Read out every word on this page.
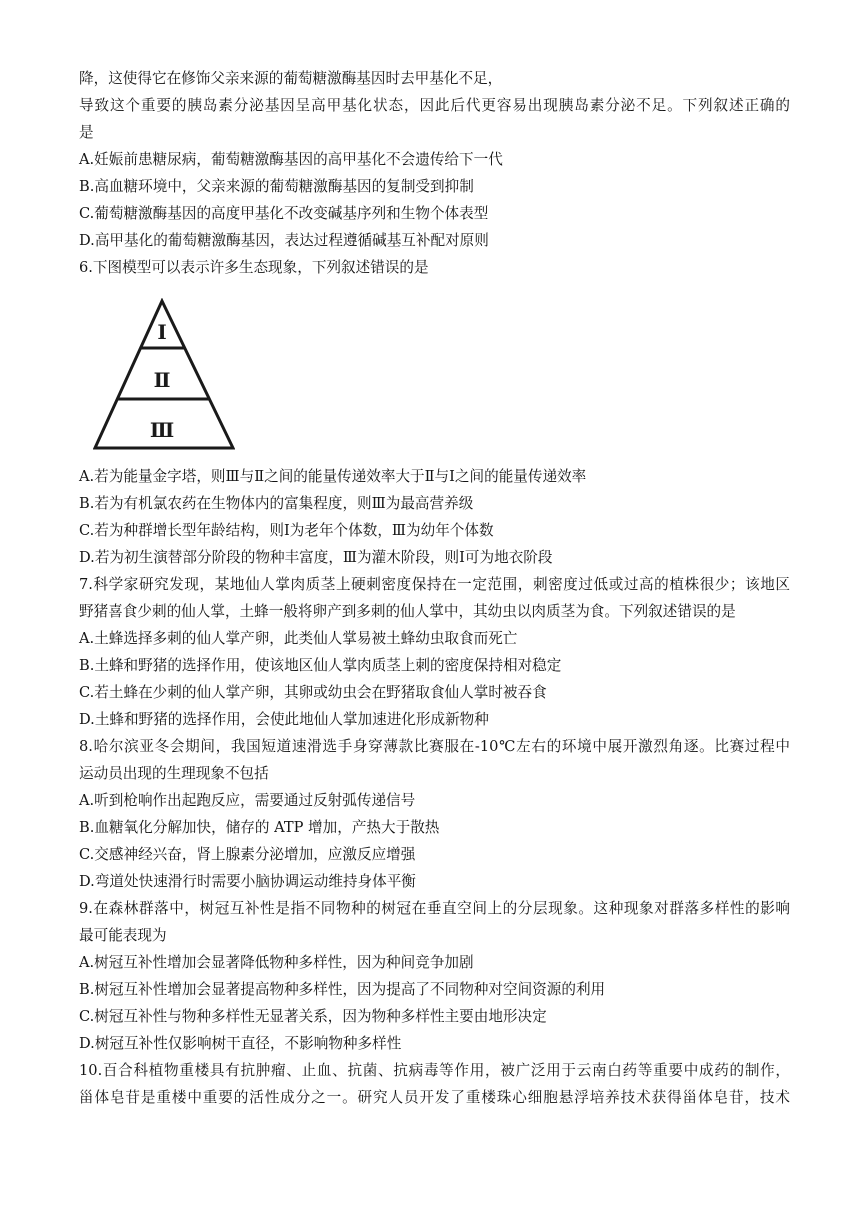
降，这使得它在修饰父亲来源的葡萄糖激酶基因时去甲基化不足，
导致这个重要的胰岛素分泌基因呈高甲基化状态，因此后代更容易出现胰岛素分泌不足。下列叙述正确的
是
A.妊娠前患糖尿病，葡萄糖激酶基因的高甲基化不会遗传给下一代
B.高血糖环境中，父亲来源的葡萄糖激酶基因的复制受到抑制
C.葡萄糖激酶基因的高度甲基化不改变碱基序列和生物个体表型
D.高甲基化的葡萄糖激酶基因，表达过程遵循碱基互补配对原则
6.下图模型可以表示许多生态现象，下列叙述错误的是
Ⅰ
Ⅱ
Ⅲ
A.若为能量金字塔，则Ⅲ与Ⅱ之间的能量传递效率大于Ⅱ与Ⅰ之间的能量传递效率
B.若为有机氯农药在生物体内的富集程度，则Ⅲ为最高营养级
C.若为种群增长型年龄结构，则Ⅰ为老年个体数，Ⅲ为幼年个体数
D.若为初生演替部分阶段的物种丰富度，Ⅲ为灌木阶段，则Ⅰ可为地衣阶段
7.科学家研究发现，某地仙人掌肉质茎上硬刺密度保持在一定范围，刺密度过低或过高的植株很少；该地区
野猪喜食少刺的仙人掌，土蜂一般将卵产到多刺的仙人掌中，其幼虫以肉质茎为食。下列叙述错误的是
A.土蜂选择多刺的仙人掌产卵，此类仙人掌易被土蜂幼虫取食而死亡
B.土蜂和野猪的选择作用，使该地区仙人掌肉质茎上刺的密度保持相对稳定
C.若土蜂在少刺的仙人掌产卵，其卵或幼虫会在野猪取食仙人掌时被吞食
D.土蜂和野猪的选择作用，会使此地仙人掌加速进化形成新物种
8.哈尔滨亚冬会期间，我国短道速滑选手身穿薄款比赛服在-10℃左右的环境中展开激烈角逐。比赛过程中
运动员出现的生理现象不包括
A.听到枪响作出起跑反应，需要通过反射弧传递信号
B.血糖氧化分解加快，储存的 ATP 增加，产热大于散热
C.交感神经兴奋，肾上腺素分泌增加，应激反应增强
D.弯道处快速滑行时需要小脑协调运动维持身体平衡
9.在森林群落中，树冠互补性是指不同物种的树冠在垂直空间上的分层现象。这种现象对群落多样性的影响
最可能表现为
A.树冠互补性增加会显著降低物种多样性，因为种间竞争加剧
B.树冠互补性增加会显著提高物种多样性，因为提高了不同物种对空间资源的利用
C.树冠互补性与物种多样性无显著关系，因为物种多样性主要由地形决定
D.树冠互补性仅影响树干直径，不影响物种多样性
10.百合科植物重楼具有抗肿瘤、止血、抗菌、抗病毒等作用，被广泛用于云南白药等重要中成药的制作，
甾体皂苷是重楼中重要的活性成分之一。研究人员开发了重楼珠心细胞悬浮培养技术获得甾体皂苷，技术
